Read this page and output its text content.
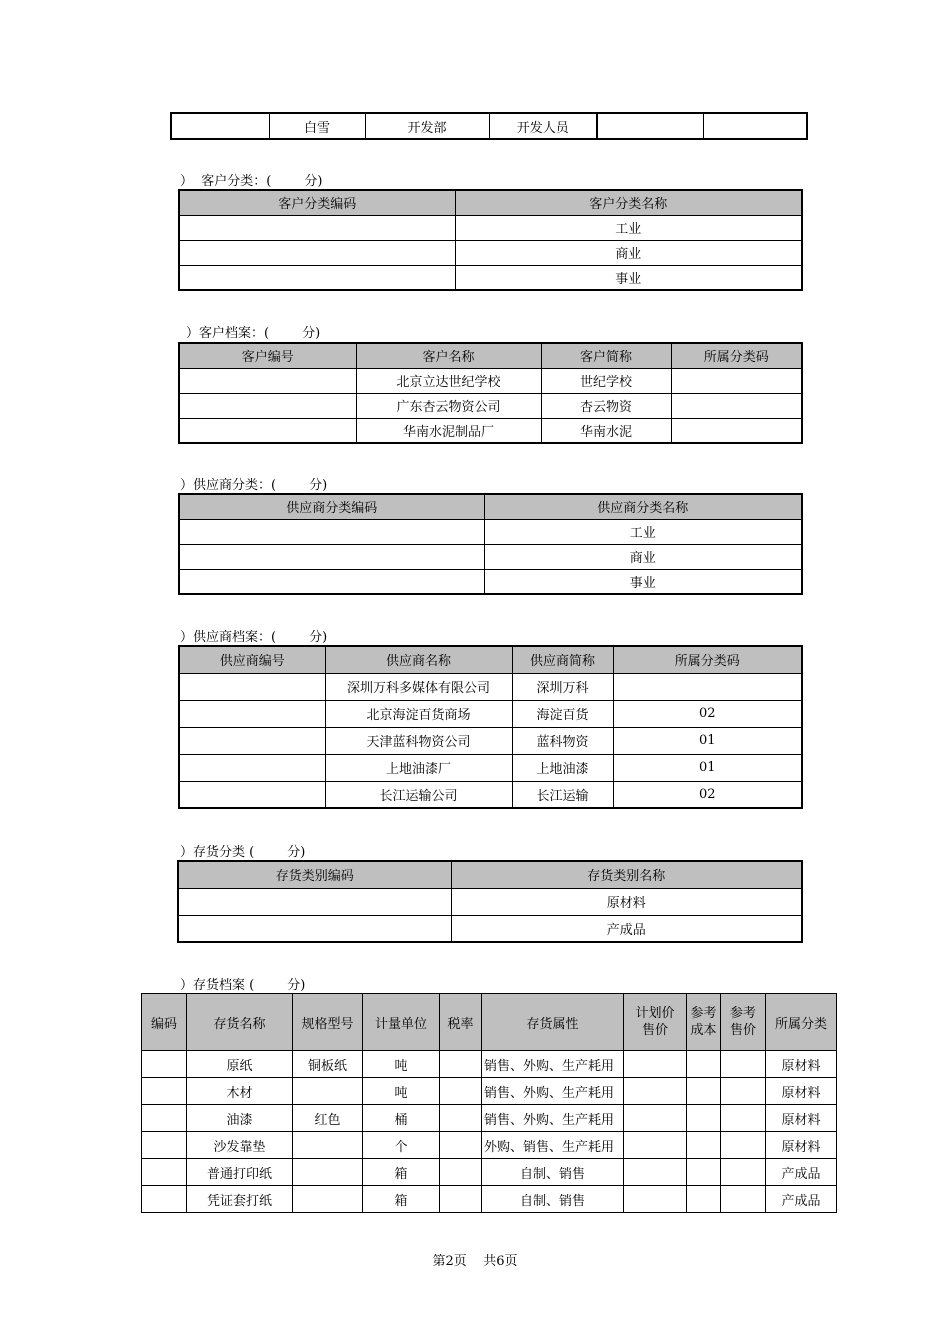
	白雪	开发部	开发人员		
）  客户分类：(        分)
客户分类编码	客户分类名称
	工业
	商业
	事业
）客户档案：(        分)
客户编号	客户名称	客户简称	所属分类码
	北京立达世纪学校	世纪学校	
	广东杏云物资公司	杏云物资	
	华南水泥制品厂	华南水泥	
）供应商分类：(        分)
供应商分类编码	供应商分类名称
	工业
	商业
	事业
）供应商档案：(        分)
供应商编号	供应商名称	供应商简称	所属分类码
	深圳万科多媒体有限公司	深圳万科	
	北京海淀百货商场	海淀百货	02
	天津蓝科物资公司	蓝科物资	01
	上地油漆厂	上地油漆	01
	长江运输公司	长江运输	02
）存货分类 (        分)
存货类别编码	存货类别名称
	原材料
	产成品
）存货档案 (        分)
编码	存货名称	规格型号	计量单位	税率	存货属性	计划价售价	参考成本	参考售价	所属分类
	原纸	铜板纸	吨		销售、外购、生产耗用				原材料
	木材		吨		销售、外购、生产耗用				原材料
	油漆	红色	桶		销售、外购、生产耗用				原材料
	沙发靠垫		个		外购、销售、生产耗用				原材料
	普通打印纸		箱		自制、销售				产成品
	凭证套打纸		箱		自制、销售				产成品
第2页    共6页
